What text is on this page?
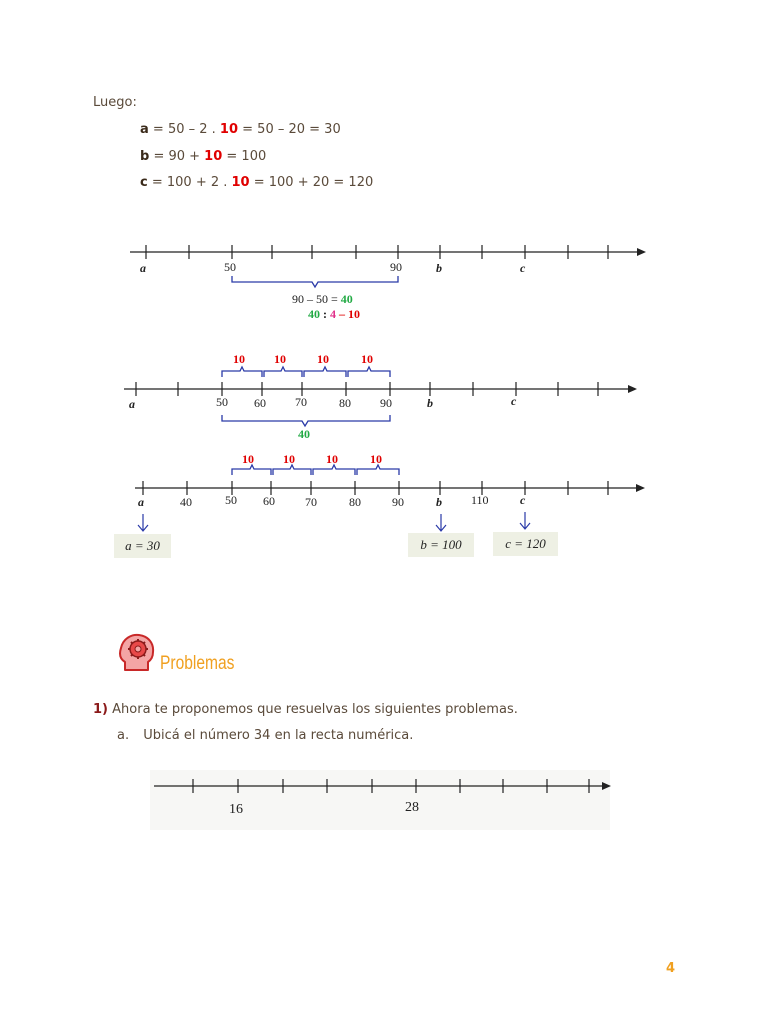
Luego:
a = 50 – 2 . 10 = 50 – 20 = 30
b = 90 + 10 = 100
c = 100 + 2 . 10 = 100 + 20 = 120
a	50	90	b	c
90 – 50 = 40
40 : 4 – 10
10 10	10	10
a	50 60 70	80 90	b	c
40
10 10	10	10
a	40	50 60	70	80	90	b 110	c
a = 30	b = 100	c = 120
Problemas
1) Ahora te proponemos que resuelvas los siguientes problemas.
a. Ubicá el número 34 en la recta numérica.
16	28
4
